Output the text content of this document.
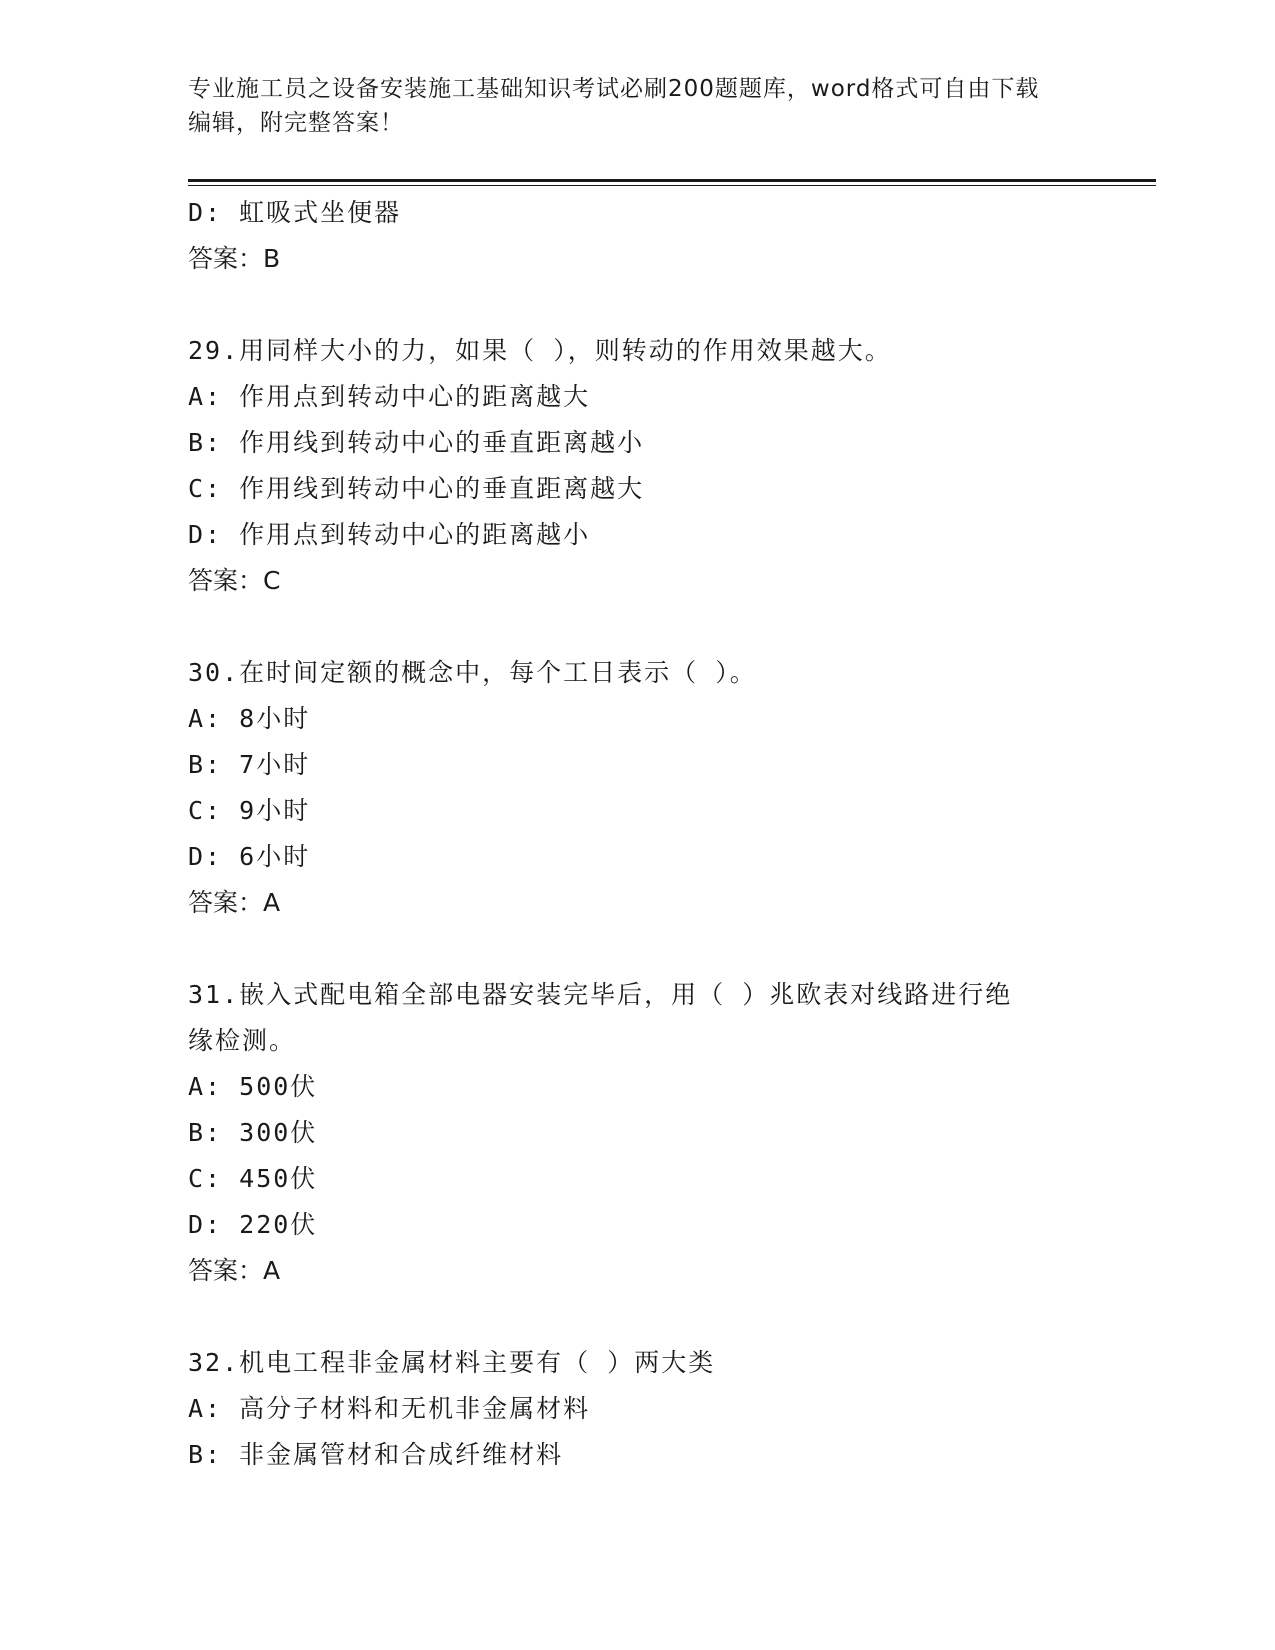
专业施工员之设备安装施工基础知识考试必刷200题题库，word格式可自由下载
编辑，附完整答案！
D: 虹吸式坐便器
答案：B
29.用同样大小的力，如果（ ），则转动的作用效果越大。
A: 作用点到转动中心的距离越大
B: 作用线到转动中心的垂直距离越小
C: 作用线到转动中心的垂直距离越大
D: 作用点到转动中心的距离越小
答案：C
30.在时间定额的概念中，每个工日表示（ ）。
A: 8小时
B: 7小时
C: 9小时
D: 6小时
答案：A
31.嵌入式配电箱全部电器安装完毕后，用（ ）兆欧表对线路进行绝
缘检测。
A: 500伏
B: 300伏
C: 450伏
D: 220伏
答案：A
32.机电工程非金属材料主要有（ ）两大类
A: 高分子材料和无机非金属材料
B: 非金属管材和合成纤维材料
